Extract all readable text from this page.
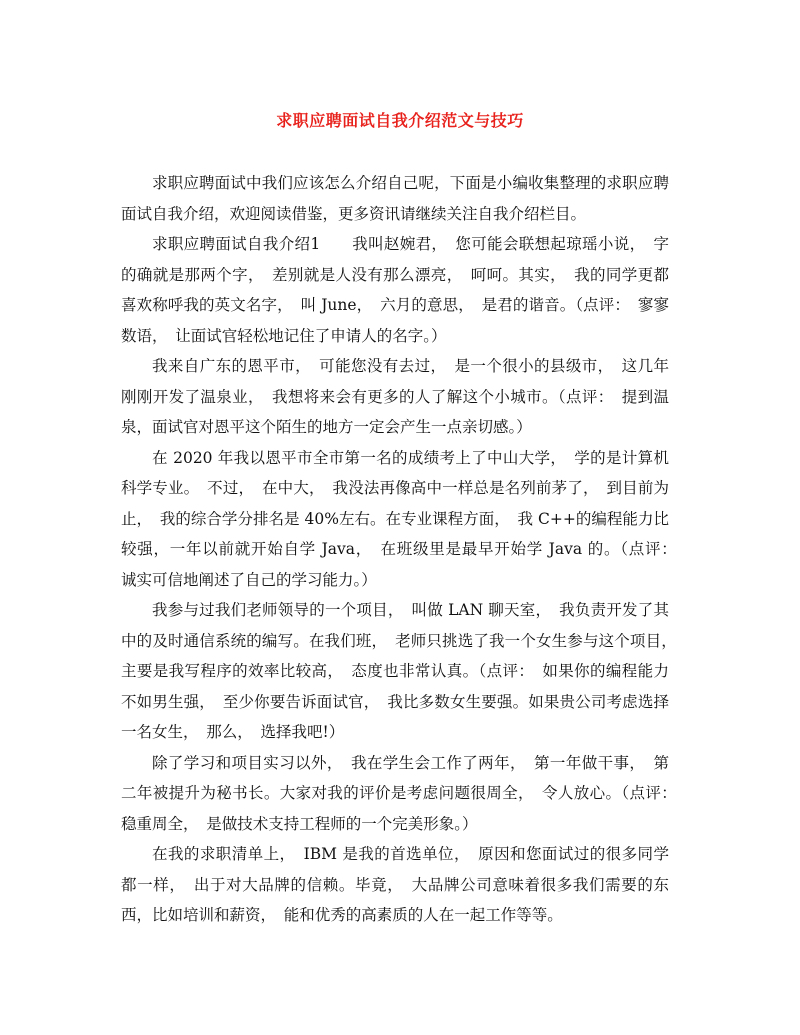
求职应聘面试自我介绍范文与技巧

求职应聘面试中我们应该怎么介绍自己呢，下面是小编收集整理的求职应聘面试自我介绍，欢迎阅读借鉴，更多资讯请继续关注自我介绍栏目。

求职应聘面试自我介绍1　　我叫赵婉君，　您可能会联想起琼瑶小说，　字的确就是那两个字，　差别就是人没有那么漂亮，　呵呵。其实，　我的同学更都喜欢称呼我的英文名字，　叫 June，　六月的意思，　是君的谐音。（点评：　寥寥数语，　让面试官轻松地记住了申请人的名字。）

我来自广东的恩平市，　可能您没有去过，　是一个很小的县级市，　这几年刚刚开发了温泉业，　我想将来会有更多的人了解这个小城市。（点评：　提到温泉，面试官对恩平这个陌生的地方一定会产生一点亲切感。）

在 2020 年我以恩平市全市第一名的成绩考上了中山大学，　学的是计算机科学专业。　不过，　在中大，　我没法再像高中一样总是名列前茅了，　到目前为止，　我的综合学分排名是 40%左右。在专业课程方面，　我 C++的编程能力比较强，一年以前就开始自学 Java，　在班级里是最早开始学 Java 的。（点评：　诚实可信地阐述了自己的学习能力。）

我参与过我们老师领导的一个项目，　叫做 LAN 聊天室，　我负责开发了其中的及时通信系统的编写。在我们班，　老师只挑选了我一个女生参与这个项目，　主要是我写程序的效率比较高，　态度也非常认真。（点评：　如果你的编程能力不如男生强，　至少你要告诉面试官，　我比多数女生要强。如果贵公司考虑选择一名女生，　那么，　选择我吧!）

除了学习和项目实习以外，　我在学生会工作了两年，　第一年做干事，　第二年被提升为秘书长。大家对我的评价是考虑问题很周全，　令人放心。（点评：　稳重周全，　是做技术支持工程师的一个完美形象。）

在我的求职清单上，　IBM 是我的首选单位，　原因和您面试过的很多同学都一样，　出于对大品牌的信赖。毕竟，　大品牌公司意味着很多我们需要的东西，比如培训和薪资，　能和优秀的高素质的人在一起工作等等。
